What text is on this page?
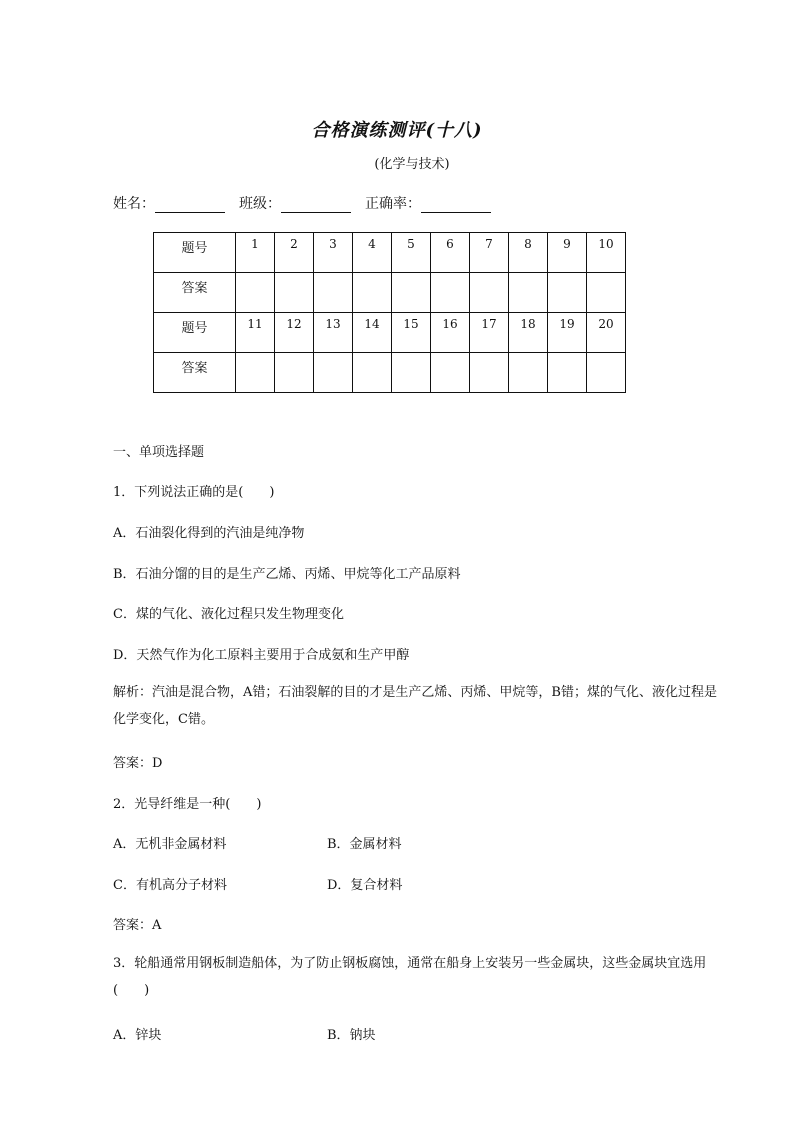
合格演练测评(十八)
(化学与技术)
姓名：	班级：	正确率：
题号	1	2	3	4	5	6	7	8	9	10
答案										
题号	11	12	13	14	15	16	17	18	19	20
答案										
一、单项选择题
1．下列说法正确的是(　　)
A．石油裂化得到的汽油是纯净物
B．石油分馏的目的是生产乙烯、丙烯、甲烷等化工产品原料
C．煤的气化、液化过程只发生物理变化
D．天然气作为化工原料主要用于合成氨和生产甲醇
解析：汽油是混合物，A错；石油裂解的目的才是生产乙烯、丙烯、甲烷等，B错；煤的气化、液化过程是化学变化，C错。
答案：D
2．光导纤维是一种(　　)
A．无机非金属材料	B．金属材料
C．有机高分子材料	D．复合材料
答案：A
3．轮船通常用钢板制造船体，为了防止钢板腐蚀，通常在船身上安装另一些金属块，这些金属块宜选用(　　)
A．锌块	B．钠块
